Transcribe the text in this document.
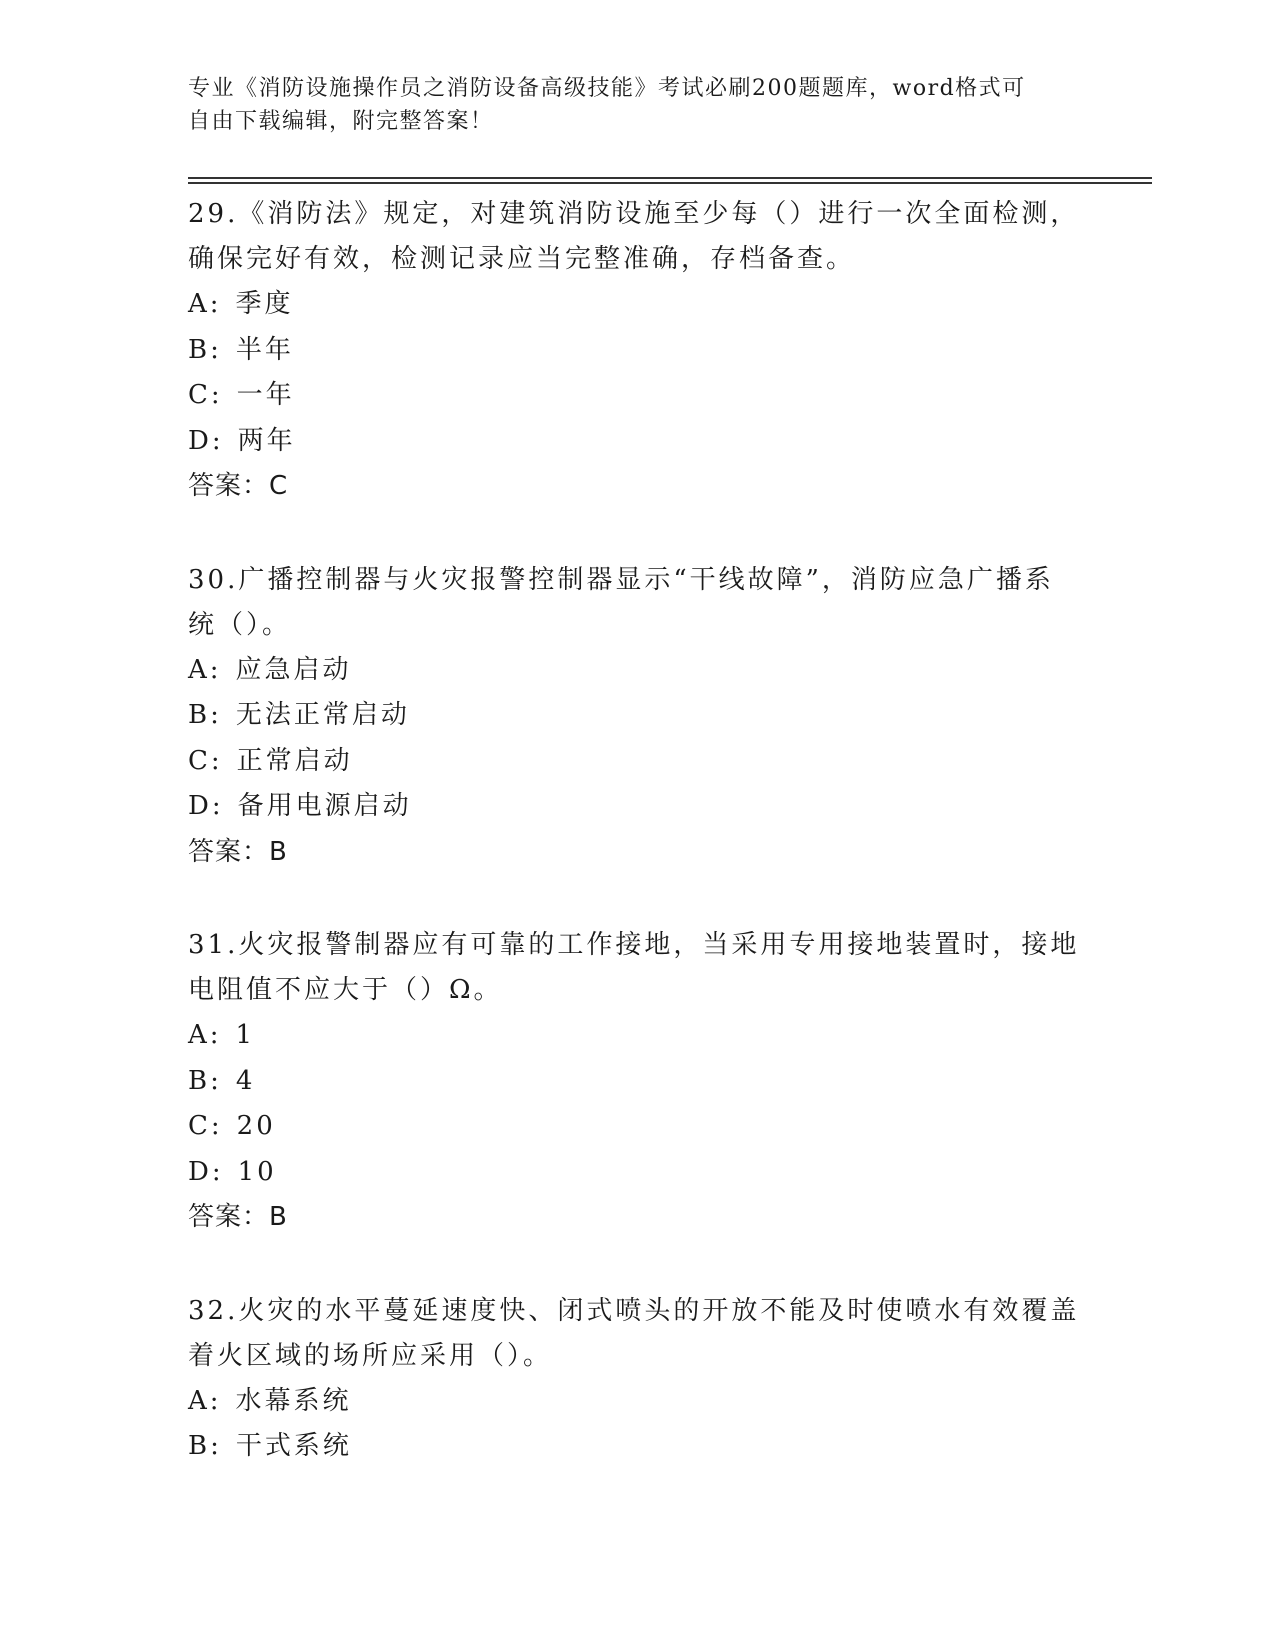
专业《消防设施操作员之消防设备高级技能》考试必刷200题题库，word格式可
自由下载编辑，附完整答案！
29.《消防法》规定，对建筑消防设施至少每（）进行一次全面检测，
确保完好有效，检测记录应当完整准确，存档备查。
A: 季度
B: 半年
C: 一年
D: 两年
答案：C
30.广播控制器与火灾报警控制器显示“干线故障”，消防应急广播系
统（）。
A: 应急启动
B: 无法正常启动
C: 正常启动
D: 备用电源启动
答案：B
31.火灾报警制器应有可靠的工作接地，当采用专用接地装置时，接地
电阻值不应大于（）Ω。
A: 1
B: 4
C: 20
D: 10
答案：B
32.火灾的水平蔓延速度快、闭式喷头的开放不能及时使喷水有效覆盖
着火区域的场所应采用（）。
A: 水幕系统
B: 干式系统
